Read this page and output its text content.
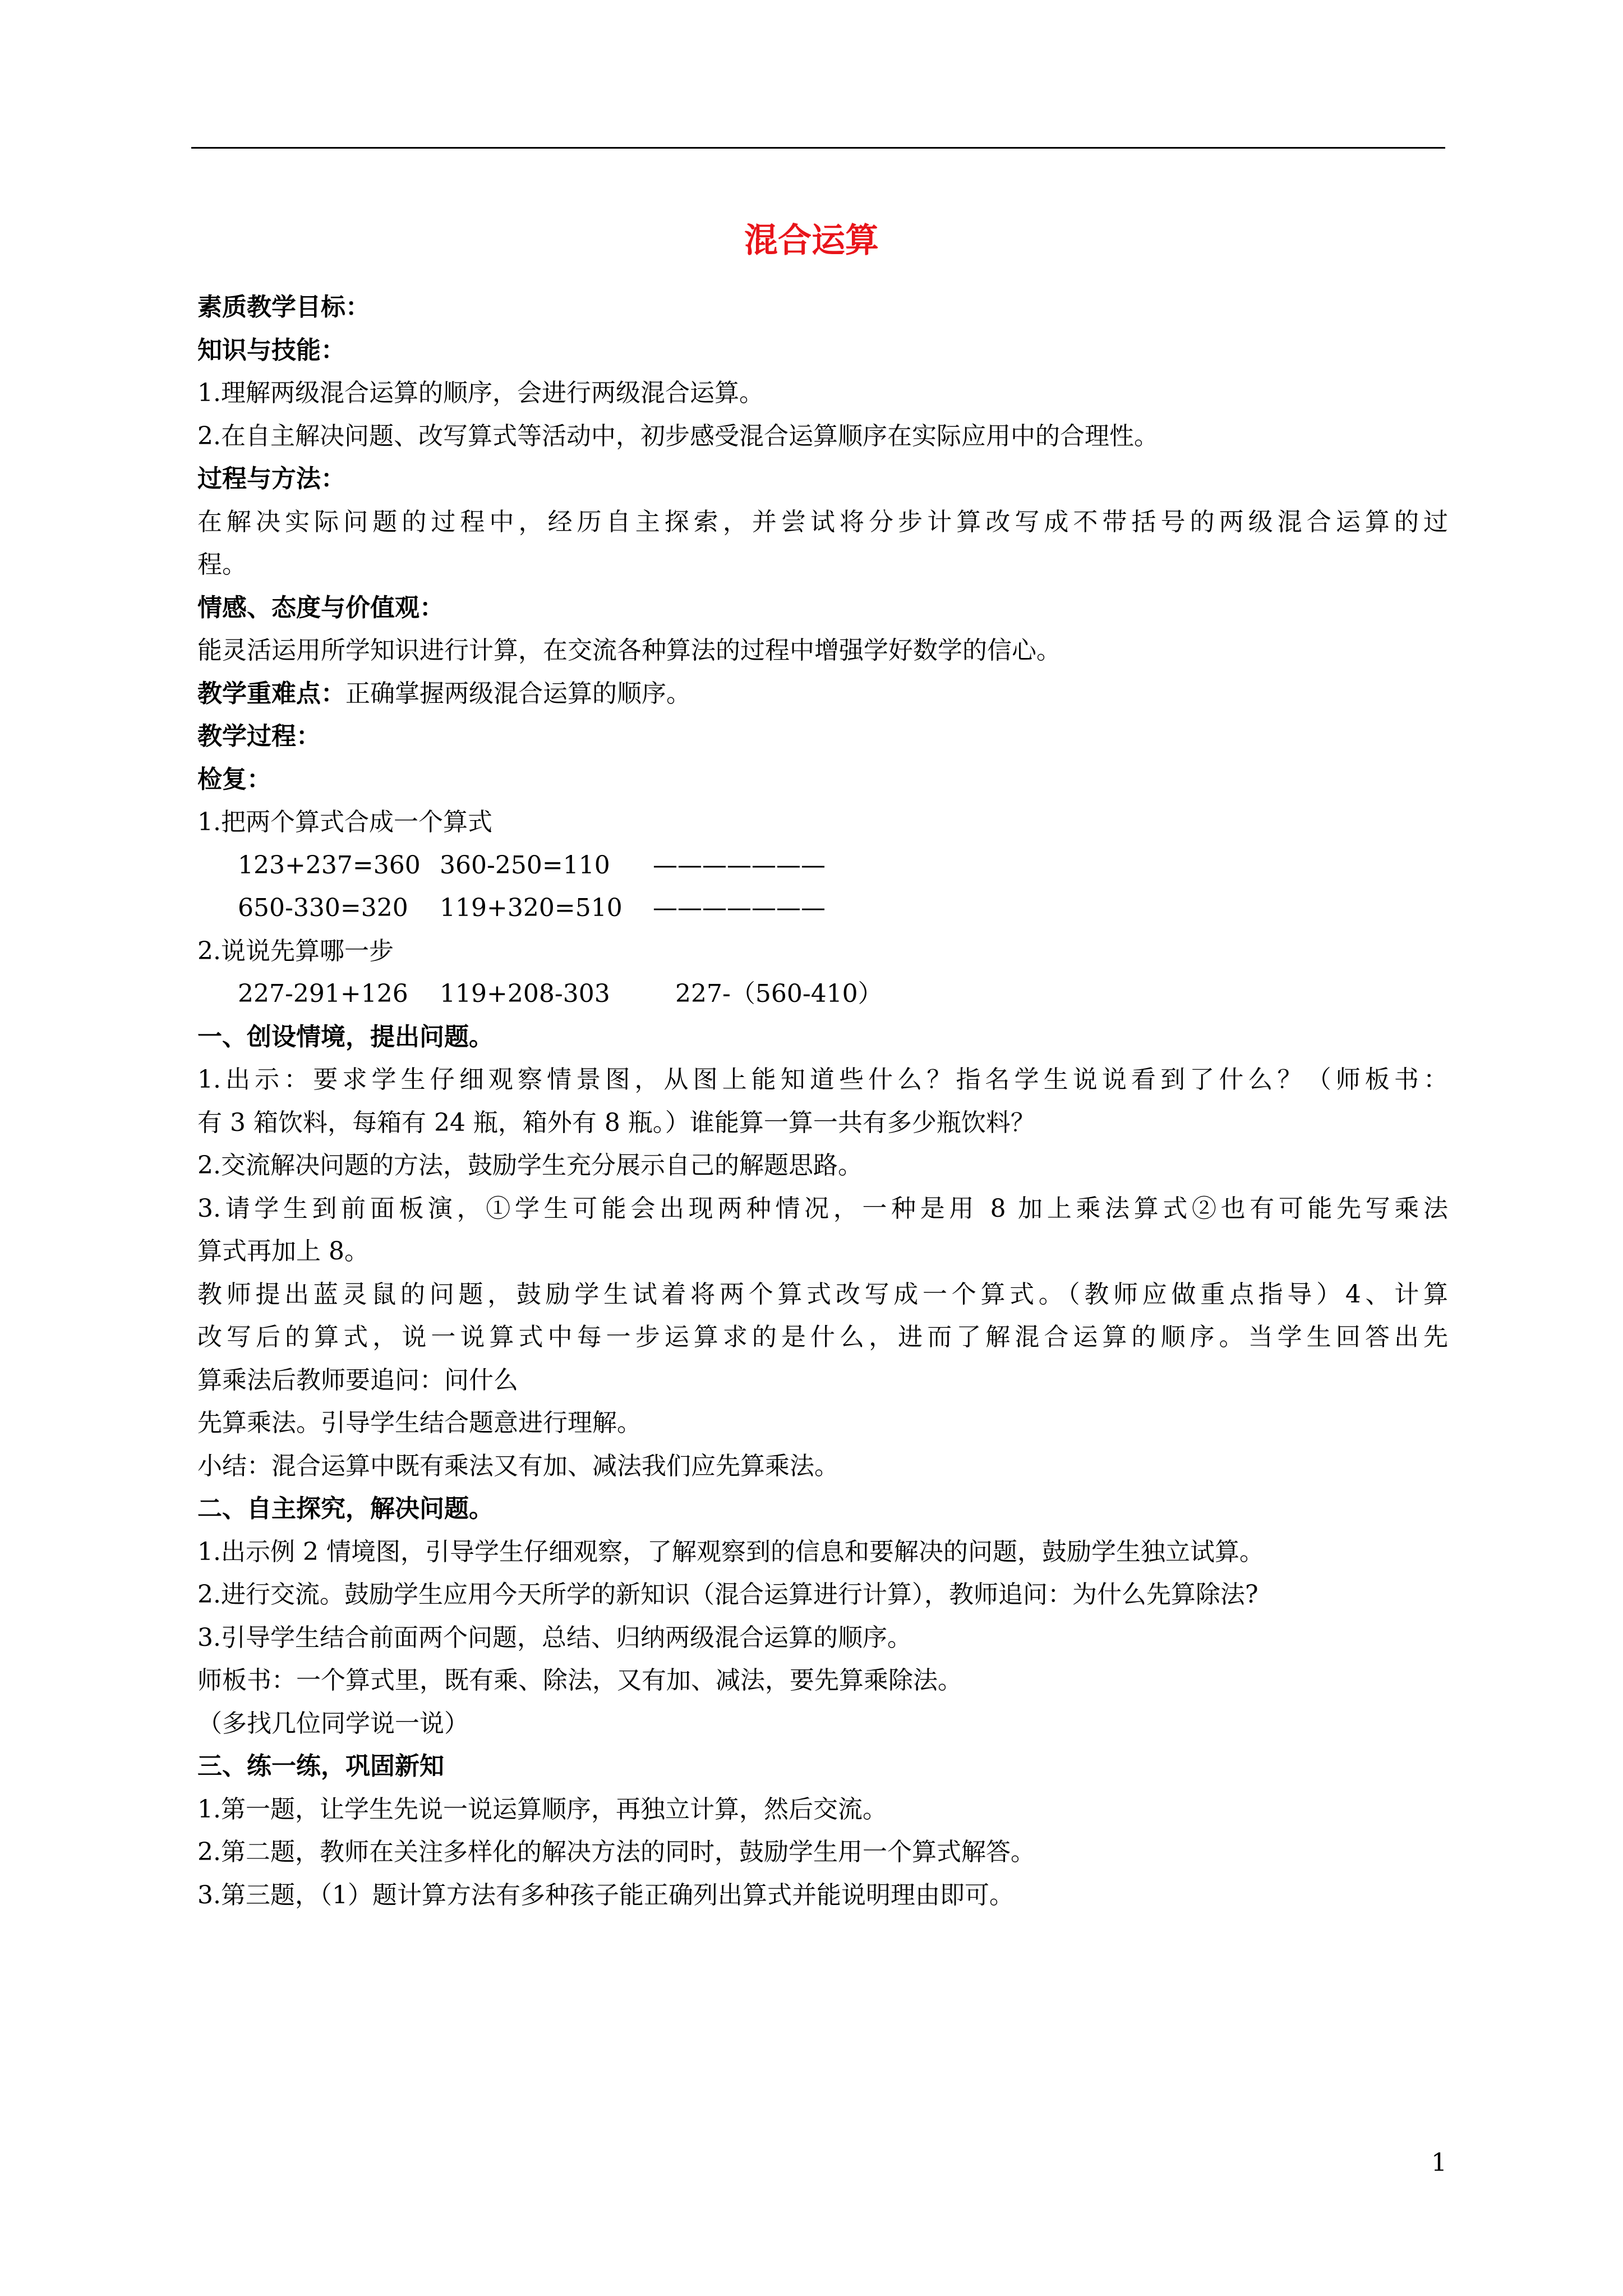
混合运算
素质教学目标：
知识与技能：
1.理解两级混合运算的顺序，会进行两级混合运算。
2.在自主解决问题、改写算式等活动中，初步感受混合运算顺序在实际应用中的合理性。
过程与方法：
在解决实际问题的过程中，经历自主探索，并尝试将分步计算改写成不带括号的两级混合运算的过
程。
情感、态度与价值观：
能灵活运用所学知识进行计算，在交流各种算法的过程中增强学好数学的信心。
教学重难点：正确掌握两级混合运算的顺序。
教学过程：
检复：
1.把两个算式合成一个算式
123+237=360 360-250=110 ———————
650-330=320 119+320=510 ———————
2.说说先算哪一步
227-291+126 119+208-303	227-（560-410）
一、创设情境，提出问题。
1.出示：要求学生仔细观察情景图，从图上能知道些什么？指名学生说说看到了什么？（师板书：
有 3 箱饮料，每箱有 24 瓶，箱外有 8 瓶。）谁能算一算一共有多少瓶饮料？
2.交流解决问题的方法，鼓励学生充分展示自己的解题思路。
3.请学生到前面板演，①学生可能会出现两种情况，一种是用 8 加上乘法算式②也有可能先写乘法
算式再加上 8。
教师提出蓝灵鼠的问题，鼓励学生试着将两个算式改写成一个算式。（教师应做重点指导）4、计算
改写后的算式，说一说算式中每一步运算求的是什么，进而了解混合运算的顺序。当学生回答出先
算乘法后教师要追问：问什么
先算乘法。引导学生结合题意进行理解。
小结：混合运算中既有乘法又有加、减法我们应先算乘法。
二、自主探究，解决问题。
1.出示例 2 情境图，引导学生仔细观察，了解观察到的信息和要解决的问题，鼓励学生独立试算。
2.进行交流。鼓励学生应用今天所学的新知识（混合运算进行计算），教师追问：为什么先算除法?
3.引导学生结合前面两个问题，总结、归纳两级混合运算的顺序。
师板书：一个算式里，既有乘、除法，又有加、减法，要先算乘除法。
（多找几位同学说一说）
三、练一练，巩固新知
1.第一题，让学生先说一说运算顺序，再独立计算，然后交流。
2.第二题，教师在关注多样化的解决方法的同时，鼓励学生用一个算式解答。
3.第三题，（1）题计算方法有多种孩子能正确列出算式并能说明理由即可。
1
